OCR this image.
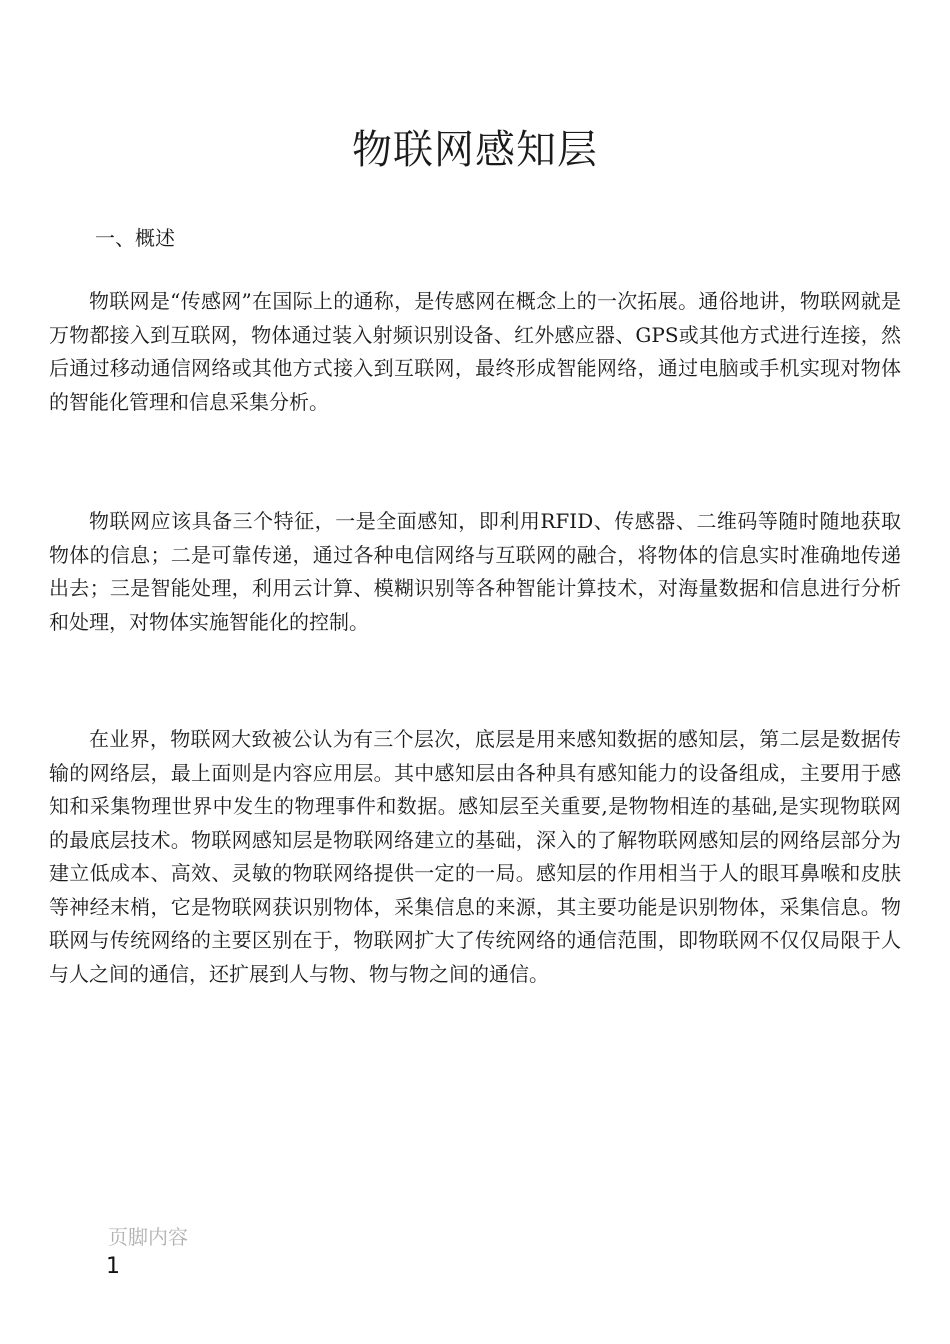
物联网感知层

一、概述

物联网是“传感网”在国际上的通称，是传感网在概念上的一次拓展。通俗地讲，物联网就是万物都接入到互联网，物体通过装入射频识别设备、红外感应器、GPS或其他方式进行连接，然后通过移动通信网络或其他方式接入到互联网，最终形成智能网络，通过电脑或手机实现对物体的智能化管理和信息采集分析。

物联网应该具备三个特征，一是全面感知，即利用RFID、传感器、二维码等随时随地获取物体的信息；二是可靠传递，通过各种电信网络与互联网的融合，将物体的信息实时准确地传递出去；三是智能处理，利用云计算、模糊识别等各种智能计算技术，对海量数据和信息进行分析和处理，对物体实施智能化的控制。

在业界，物联网大致被公认为有三个层次，底层是用来感知数据的感知层，第二层是数据传输的网络层，最上面则是内容应用层。其中感知层由各种具有感知能力的设备组成，主要用于感知和采集物理世界中发生的物理事件和数据。感知层至关重要,是物物相连的基础,是实现物联网的最底层技术。物联网感知层是物联网络建立的基础，深入的了解物联网感知层的网络层部分为建立低成本、高效、灵敏的物联网络提供一定的一局。感知层的作用相当于人的眼耳鼻喉和皮肤等神经末梢，它是物联网获识别物体，采集信息的来源，其主要功能是识别物体，采集信息。物联网与传统网络的主要区别在于，物联网扩大了传统网络的通信范围，即物联网不仅仅局限于人与人之间的通信，还扩展到人与物、物与物之间的通信。

页脚内容

1
